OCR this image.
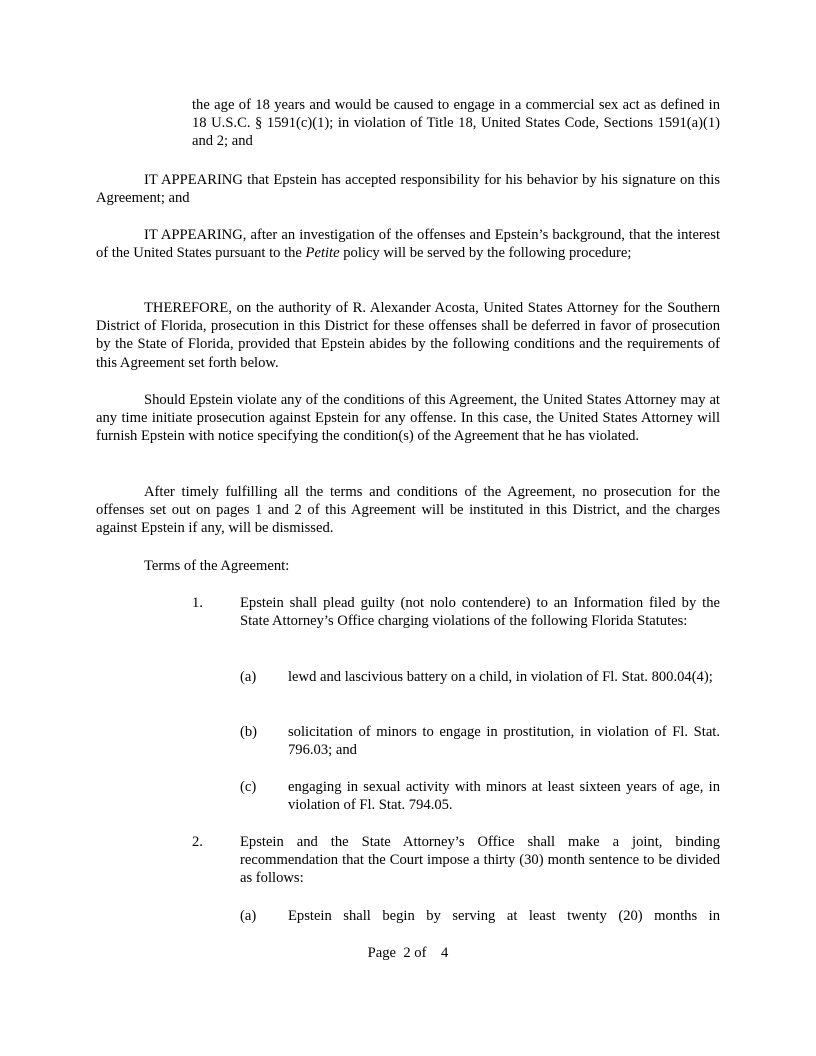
the age of 18 years and would be caused to engage in a commercial sex act as defined in 18 U.S.C. § 1591(c)(1); in violation of Title 18, United States Code, Sections 1591(a)(1) and 2; and

IT APPEARING that Epstein has accepted responsibility for his behavior by his signature on this Agreement; and

IT APPEARING, after an investigation of the offenses and Epstein’s background, that the interest of the United States pursuant to the Petite policy will be served by the following procedure;

THEREFORE, on the authority of R. Alexander Acosta, United States Attorney for the Southern District of Florida, prosecution in this District for these offenses shall be deferred in favor of prosecution by the State of Florida, provided that Epstein abides by the following conditions and the requirements of this Agreement set forth below.

Should Epstein violate any of the conditions of this Agreement, the United States Attorney may at any time initiate prosecution against Epstein for any offense. In this case, the United States Attorney will furnish Epstein with notice specifying the condition(s) of the Agreement that he has violated.

After timely fulfilling all the terms and conditions of the Agreement, no prosecution for the offenses set out on pages 1 and 2 of this Agreement will be instituted in this District, and the charges against Epstein if any, will be dismissed.

Terms of the Agreement:

1.	Epstein shall plead guilty (not nolo contendere) to an Information filed by the State Attorney’s Office charging violations of the following Florida Statutes:

(a) lewd and lascivious battery on a child, in violation of Fl. Stat. 800.04(4);

(b) solicitation of minors to engage in prostitution, in violation of Fl. Stat. 796.03; and

(c) engaging in sexual activity with minors at least sixteen years of age, in violation of Fl. Stat. 794.05.

2.	Epstein and the State Attorney’s Office shall make a joint, binding recommendation that the Court impose a thirty (30) month sentence to be divided as follows:

(a) Epstein shall begin by serving at least twenty (20) months in

Page  2 of    4
